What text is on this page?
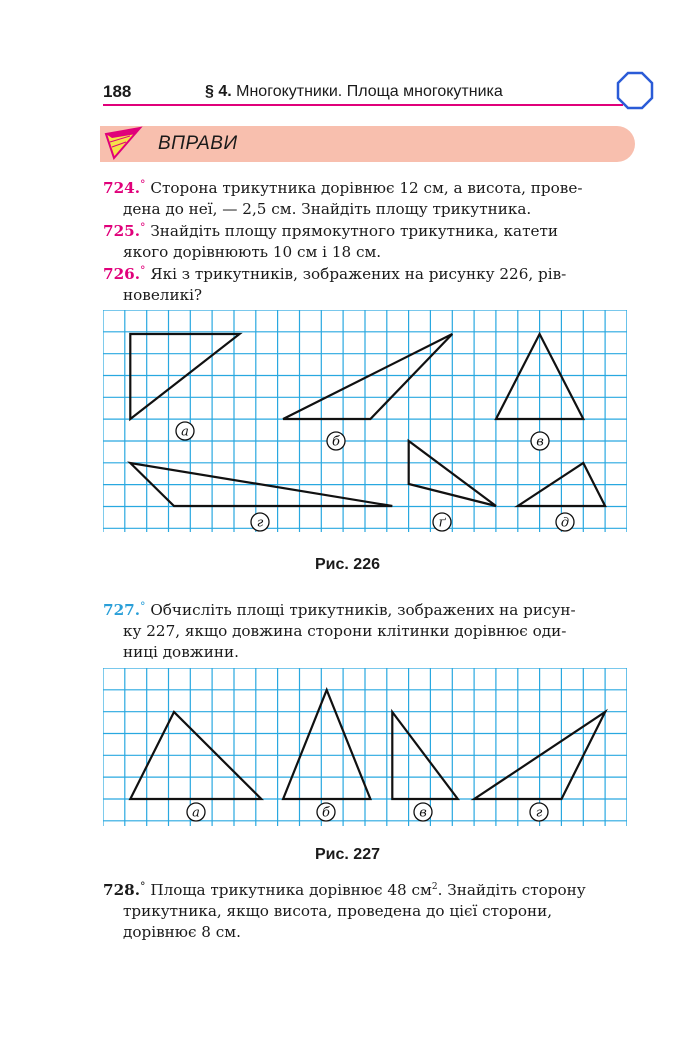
188	§ 4. Многокутники. Площа многокутника
ВПРАВИ
724.° Сторона трикутника дорівнює 12 см, а висота, прове-
дена до неї, — 2,5 см. Знайдіть площу трикутника.
725.° Знайдіть площу прямокутного трикутника, катети
якого дорівнюють 10 см і 18 см.
726.° Які з трикутників, зображених на рисунку 226, рів-
новеликі?
а
б	в
г	ґ	д
Рис. 226
727.° Обчисліть площі трикутників, зображених на рисун-
ку 227, якщо довжина сторони клітинки дорівнює оди-
ниці довжини.
а	б	в	г
Рис. 227
728.° Площа трикутника дорівнює 48 $см^2$. Знайдіть сторону
трикутника, якщо висота, проведена до цієї сторони,
дорівнює 8 см.
